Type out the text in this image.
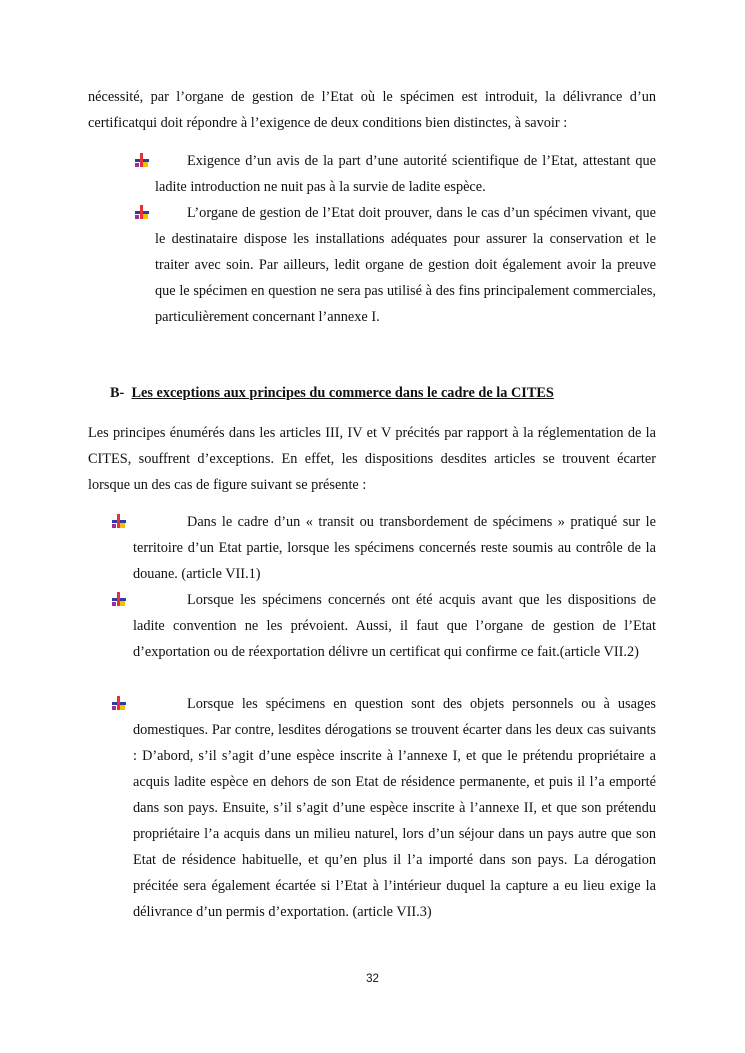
nécessité, par l’organe de gestion de l’Etat où le spécimen est introduit, la délivrance d’un certificatqui doit répondre à l’exigence de deux conditions bien distinctes, à savoir :

Exigence d’un avis de la part d’une autorité scientifique de l’Etat, attestant que ladite introduction ne nuit pas à la survie de ladite espèce.
L’organe de gestion de l’Etat doit prouver, dans le cas d’un spécimen vivant, que le destinataire dispose les installations adéquates pour assurer la conservation et le traiter avec soin. Par ailleurs, ledit organe de gestion doit également avoir la preuve que le spécimen en question ne sera pas utilisé à des fins principalement commerciales, particulièrement concernant l’annexe I.
B- Les exceptions aux principes du commerce dans le cadre de la CITES

Les principes énumérés dans les articles III, IV et V précités par rapport à la réglementation de la CITES, souffrent d’exceptions. En effet, les dispositions desdites articles se trouvent écarter lorsque un des cas de figure suivant se présente :

Dans le cadre d’un « transit ou transbordement de spécimens » pratiqué sur le territoire d’un Etat partie, lorsque les spécimens concernés reste soumis au contrôle de la douane. (article VII.1)
Lorsque les spécimens concernés ont été acquis avant que les dispositions de ladite convention ne les prévoient. Aussi, il faut que l’organe de gestion de l’Etat d’exportation ou de réexportation délivre un certificat qui confirme ce fait.(article VII.2)
Lorsque les spécimens en question sont des objets personnels ou à usages domestiques. Par contre, lesdites dérogations se trouvent écarter dans les deux cas suivants : D’abord, s’il s’agit d’une espèce inscrite à l’annexe I, et que le prétendu propriétaire a acquis ladite espèce en dehors de son Etat de résidence permanente, et puis il l’a emporté dans son pays. Ensuite, s’il s’agit d’une espèce inscrite à l’annexe II, et que son prétendu propriétaire l’a acquis dans un milieu naturel, lors d’un séjour dans un pays autre que son Etat de résidence habituelle, et qu’en plus il l’a importé dans son pays. La dérogation précitée sera également écartée si l’Etat à l’intérieur duquel la capture a eu lieu exige la délivrance d’un permis d’exportation. (article VII.3)
32
